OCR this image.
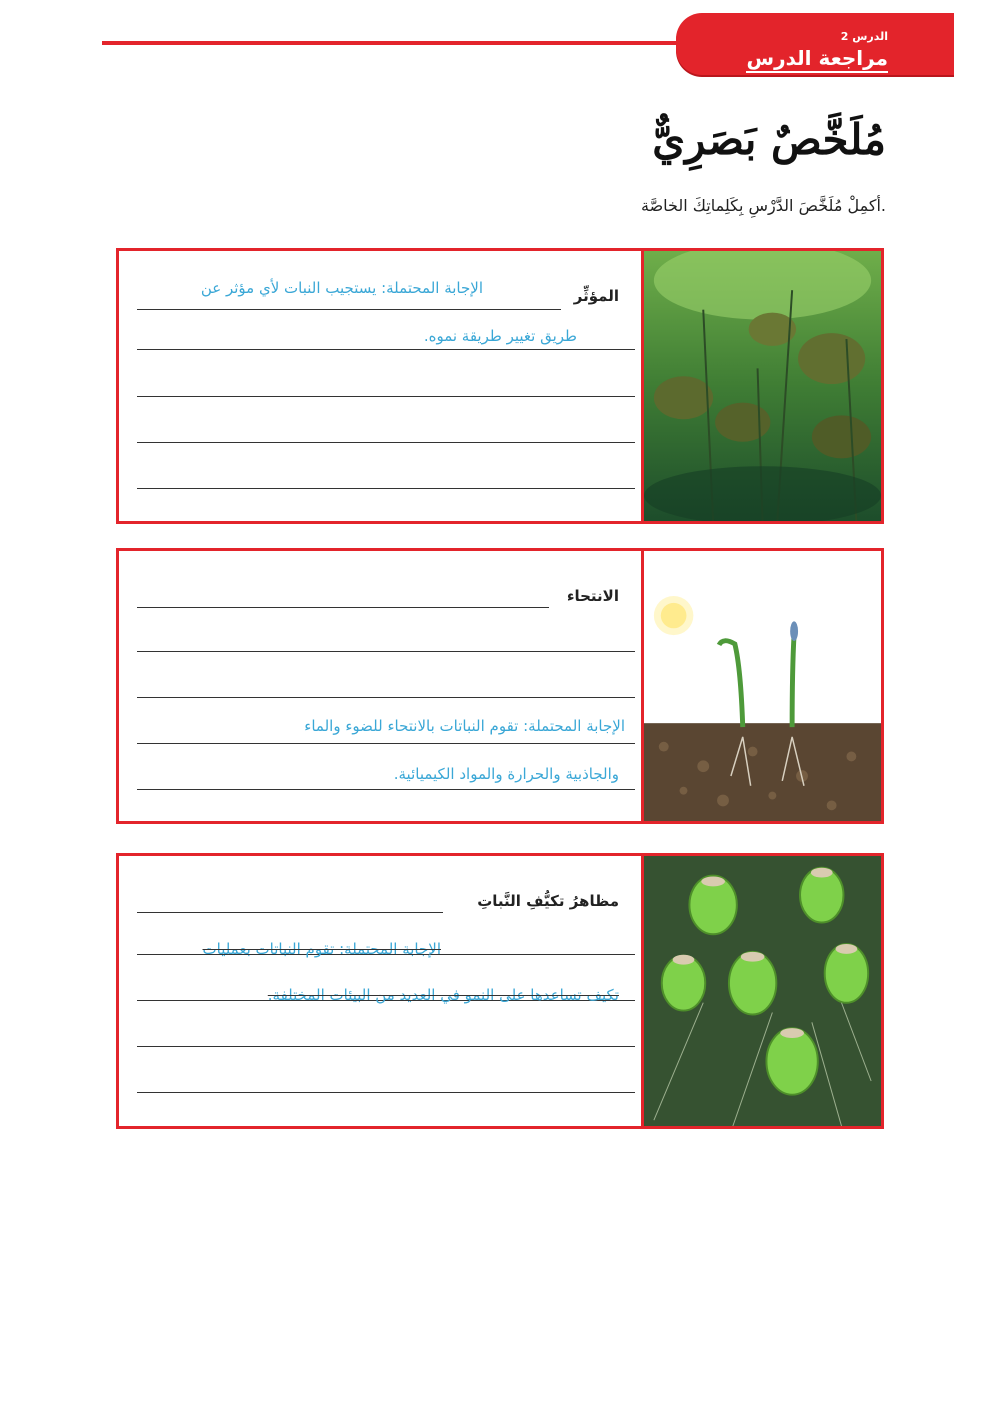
الدرس 2
مراجعة الدرس
مُلَخَّصٌ بَصَرِيٌّ
أكمِلْ مُلَخَّصَ الدَّرْسِ بِكَلِماتِكَ الخاصَّة.
المؤثِّر
الإجابة المحتملة: يستجيب النبات لأي مؤثر عن
طريق تغيير طريقة نموه.
الانتحاء
الإجابة المحتملة: تقوم النباتات بالانتحاء للضوء والماء
والجاذبية والحرارة والمواد الكيميائية.
مظاهرُ تكيُّفِ النَّباتِ
الإجابة المحتملة: تقوم النباتات بعمليات
تكيف تساعدها على النمو في العديد من البيئات المختلفة.
